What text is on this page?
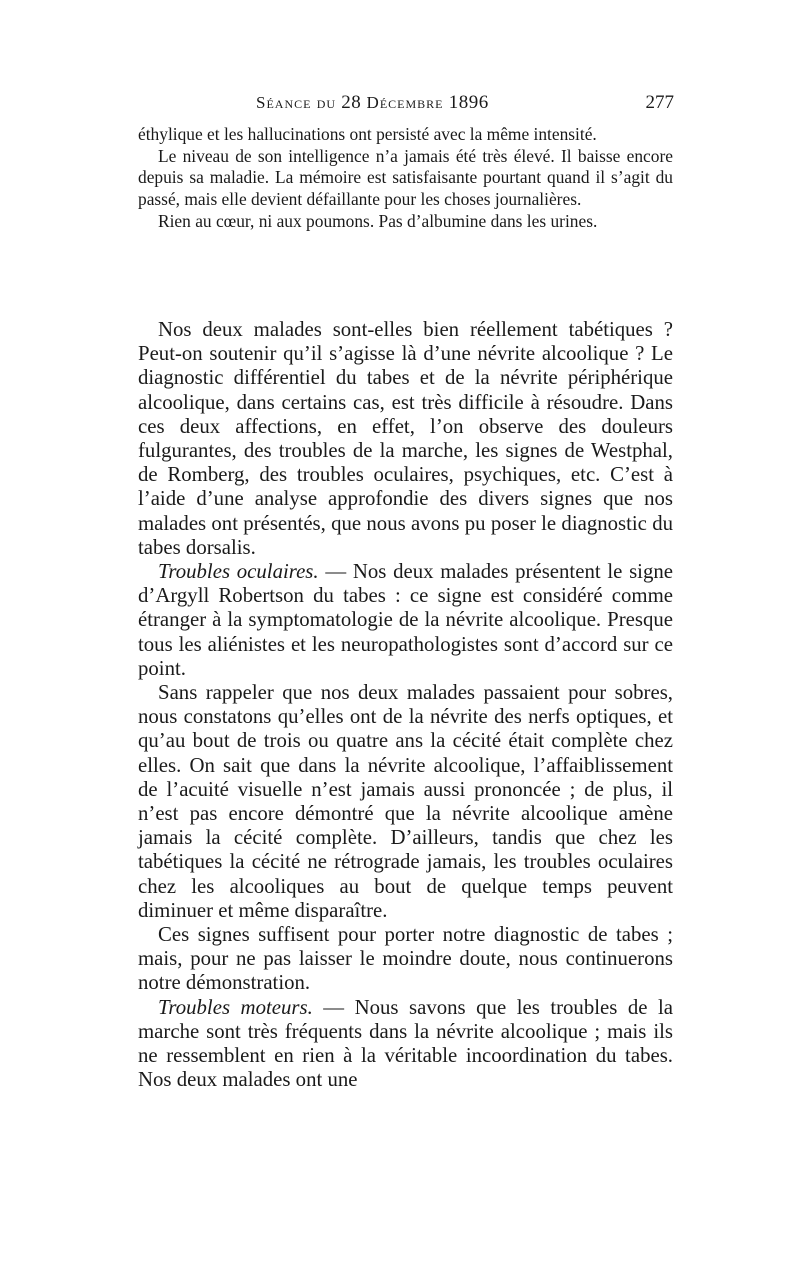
Séance du 28 Décembre 1896	277

éthylique et les hallucinations ont persisté avec la même intensité.

Le niveau de son intelligence n’a jamais été très élevé. Il baisse encore depuis sa maladie. La mémoire est satisfaisante pourtant quand il s’agit du passé, mais elle devient défaillante pour les choses journalières.

Rien au cœur, ni aux poumons. Pas d’albumine dans les urines.

Nos deux malades sont-elles bien réellement tabétiques ? Peut-on soutenir qu’il s’agisse là d’une névrite alcoolique ? Le diagnostic différentiel du tabes et de la névrite périphérique alcoolique, dans certains cas, est très difficile à résoudre. Dans ces deux affections, en effet, l’on observe des douleurs fulgurantes, des troubles de la marche, les signes de Westphal, de Romberg, des troubles oculaires, psychiques, etc. C’est à l’aide d’une analyse approfondie des divers signes que nos malades ont présentés, que nous avons pu poser le diagnostic du tabes dorsalis.

Troubles oculaires. — Nos deux malades présentent le signe d’Argyll Robertson du tabes : ce signe est considéré comme étranger à la symptomatologie de la névrite alcoolique. Presque tous les aliénistes et les neuropathologistes sont d’accord sur ce point.

Sans rappeler que nos deux malades passaient pour sobres, nous constatons qu’elles ont de la névrite des nerfs optiques, et qu’au bout de trois ou quatre ans la cécité était complète chez elles. On sait que dans la névrite alcoolique, l’affaiblissement de l’acuité visuelle n’est jamais aussi prononcée ; de plus, il n’est pas encore démontré que la névrite alcoolique amène jamais la cécité complète. D’ailleurs, tandis que chez les tabétiques la cécité ne rétrograde jamais, les troubles oculaires chez les alcooliques au bout de quelque temps peuvent diminuer et même disparaître.

Ces signes suffisent pour porter notre diagnostic de tabes ; mais, pour ne pas laisser le moindre doute, nous continuerons notre démonstration.

Troubles moteurs. — Nous savons que les troubles de la marche sont très fréquents dans la névrite alcoolique ; mais ils ne ressemblent en rien à la véritable incoordination du tabes. Nos deux malades ont une
